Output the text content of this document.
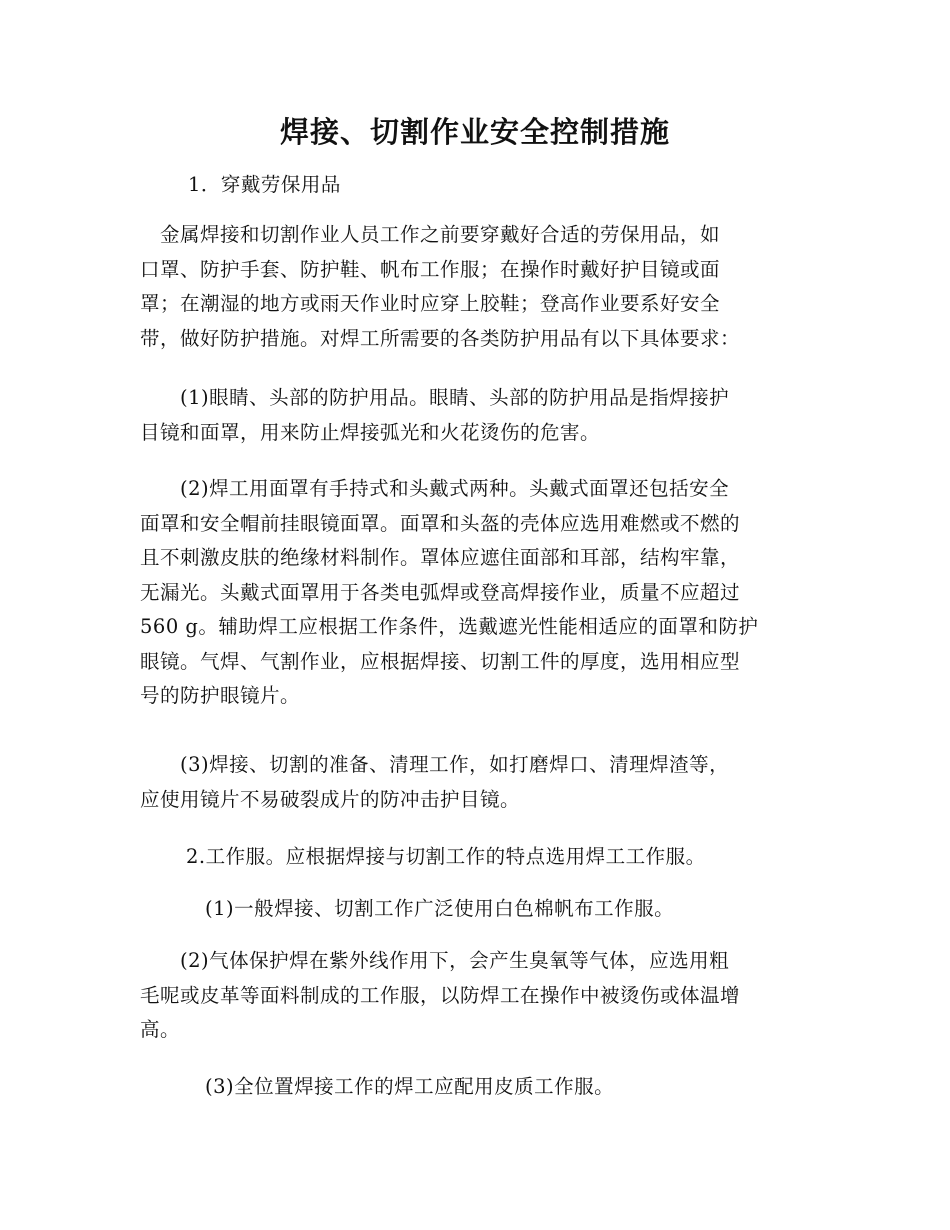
焊接、切割作业安全控制措施

1．穿戴劳保用品

　金属焊接和切割作业人员工作之前要穿戴好合适的劳保用品，如
口罩、防护手套、防护鞋、帆布工作服；在操作时戴好护目镜或面
罩；在潮湿的地方或雨天作业时应穿上胶鞋；登高作业要系好安全
带，做好防护措施。对焊工所需要的各类防护用品有以下具体要求：

　　(1)眼睛、头部的防护用品。眼睛、头部的防护用品是指焊接护
目镜和面罩，用来防止焊接弧光和火花烫伤的危害。

　　(2)焊工用面罩有手持式和头戴式两种。头戴式面罩还包括安全
面罩和安全帽前挂眼镜面罩。面罩和头盔的壳体应选用难燃或不燃的
且不刺激皮肤的绝缘材料制作。罩体应遮住面部和耳部，结构牢靠，
无漏光。头戴式面罩用于各类电弧焊或登高焊接作业，质量不应超过
560 g。辅助焊工应根据工作条件，选戴遮光性能相适应的面罩和防护
眼镜。气焊、气割作业，应根据焊接、切割工件的厚度，选用相应型
号的防护眼镜片。

　　(3)焊接、切割的准备、清理工作，如打磨焊口、清理焊渣等，
应使用镜片不易破裂成片的防冲击护目镜。

2.工作服。应根据焊接与切割工作的特点选用焊工工作服。

(1)一般焊接、切割工作广泛使用白色棉帆布工作服。

　　(2)气体保护焊在紫外线作用下，会产生臭氧等气体，应选用粗
毛呢或皮革等面料制成的工作服，以防焊工在操作中被烫伤或体温增
高。

(3)全位置焊接工作的焊工应配用皮质工作服。
